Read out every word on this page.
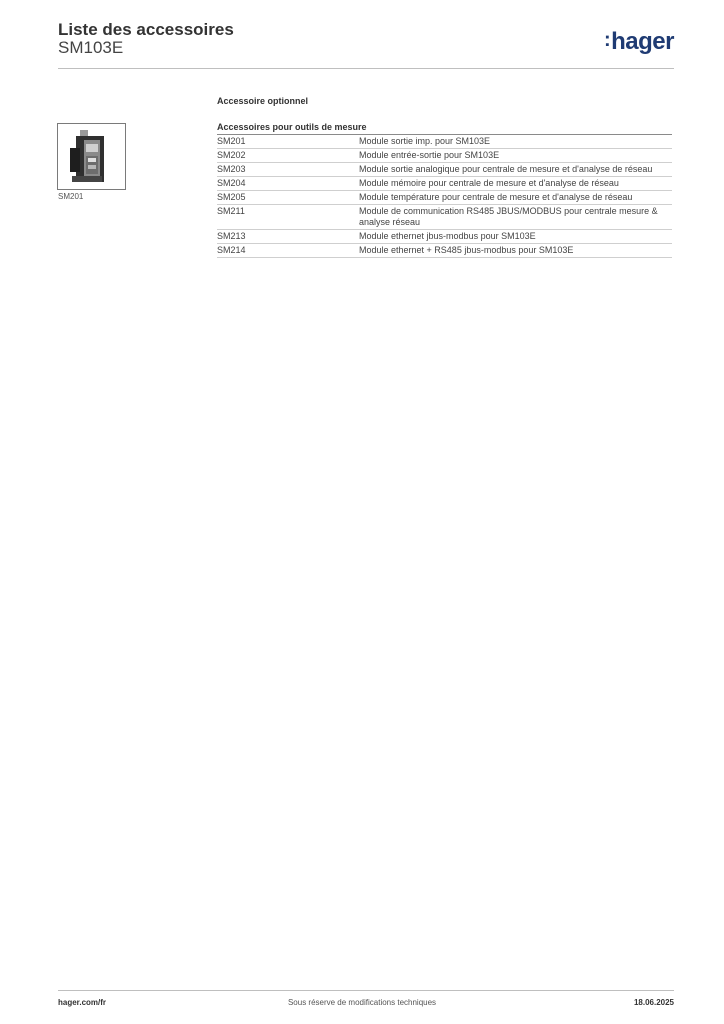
Liste des accessoires
SM103E	:hager
SM201
Accessoire optionnel
Accessoires pour outils de mesure
SM201	Module sortie imp. pour SM103E
SM202	Module entrée-sortie pour SM103E
SM203	Module sortie analogique pour centrale de mesure et d'analyse de réseau
SM204	Module mémoire pour centrale de mesure et d'analyse de réseau
SM205	Module température pour centrale de mesure et d'analyse de réseau
SM211	Module de communication RS485 JBUS/MODBUS pour centrale mesure & analyse réseau
SM213	Module ethernet jbus-modbus pour SM103E
SM214	Module ethernet + RS485 jbus-modbus pour SM103E
hager.com/fr	Sous réserve de modifications techniques	18.06.2025
